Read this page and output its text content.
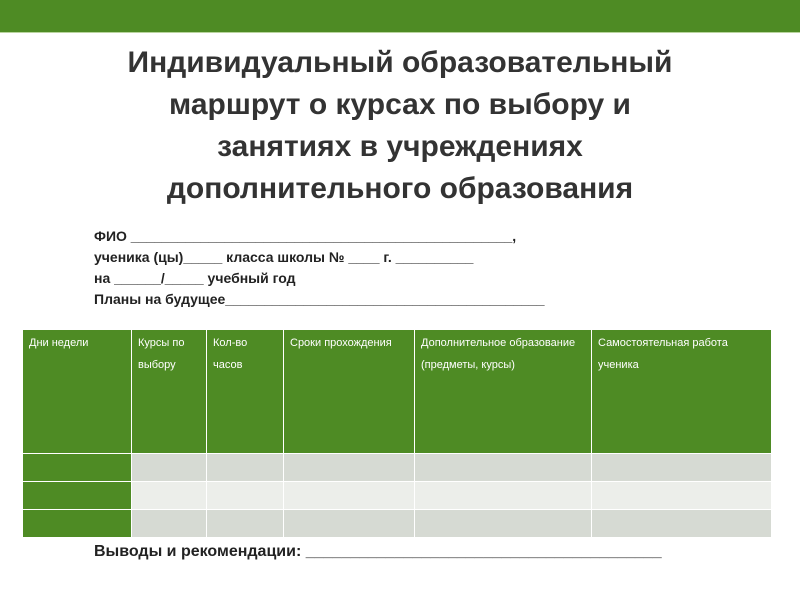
Индивидуальный образовательный
маршрут о курсах по выбору и
занятиях в учреждениях
дополнительного образования
ФИО _________________________________________________,
ученика (цы)_____ класса школы № ____ г. __________
на ______/_____ учебный год
Планы на будущее_________________________________________
Дни недели	Курсы по выбору	Кол-во часов	Сроки прохождения	Дополнительное образование (предметы, курсы)	Самостоятельная работа ученика

Выводы и рекомендации: ________________________________________
